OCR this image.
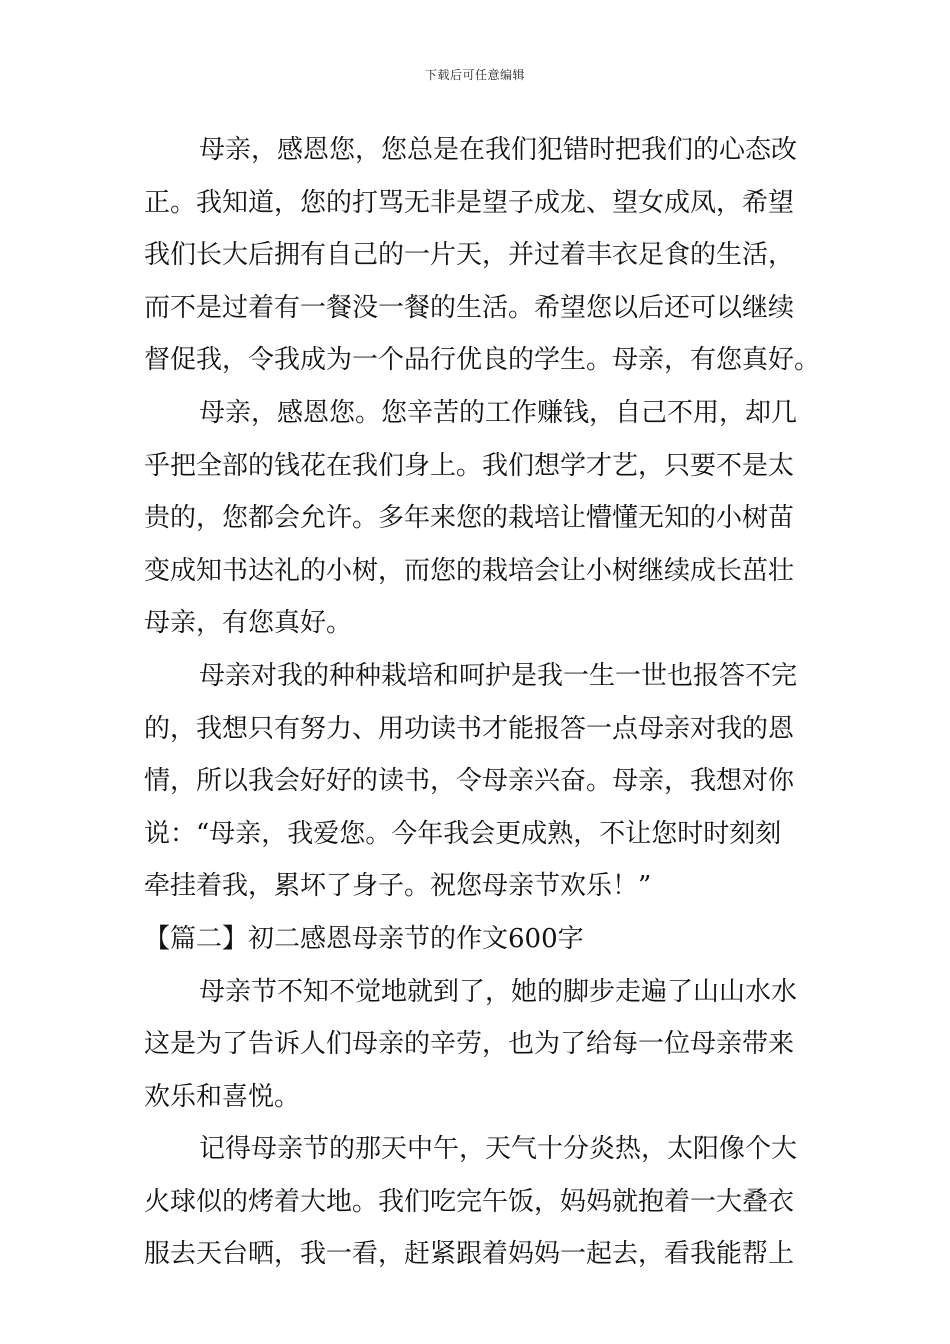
下载后可任意编辑
母亲，感恩您，您总是在我们犯错时把我们的心态改
正。我知道，您的打骂无非是望子成龙、望女成凤，希望
我们长大后拥有自己的一片天，并过着丰衣足食的生活，
而不是过着有一餐没一餐的生活。希望您以后还可以继续
督促我，令我成为一个品行优良的学生。母亲，有您真好。
母亲，感恩您。您辛苦的工作赚钱，自己不用，却几
乎把全部的钱花在我们身上。我们想学才艺，只要不是太
贵的，您都会允许。多年来您的栽培让懵懂无知的小树苗
变成知书达礼的小树，而您的栽培会让小树继续成长茁壮
母亲，有您真好。
母亲对我的种种栽培和呵护是我一生一世也报答不完
的，我想只有努力、用功读书才能报答一点母亲对我的恩
情，所以我会好好的读书，令母亲兴奋。母亲，我想对你
说：“母亲，我爱您。今年我会更成熟，不让您时时刻刻
牵挂着我，累坏了身子。祝您母亲节欢乐！”
【篇二】初二感恩母亲节的作文600字
母亲节不知不觉地就到了，她的脚步走遍了山山水水
这是为了告诉人们母亲的辛劳，也为了给每一位母亲带来
欢乐和喜悦。
记得母亲节的那天中午，天气十分炎热，太阳像个大
火球似的烤着大地。我们吃完午饭，妈妈就抱着一大叠衣
服去天台晒，我一看，赶紧跟着妈妈一起去，看我能帮上
